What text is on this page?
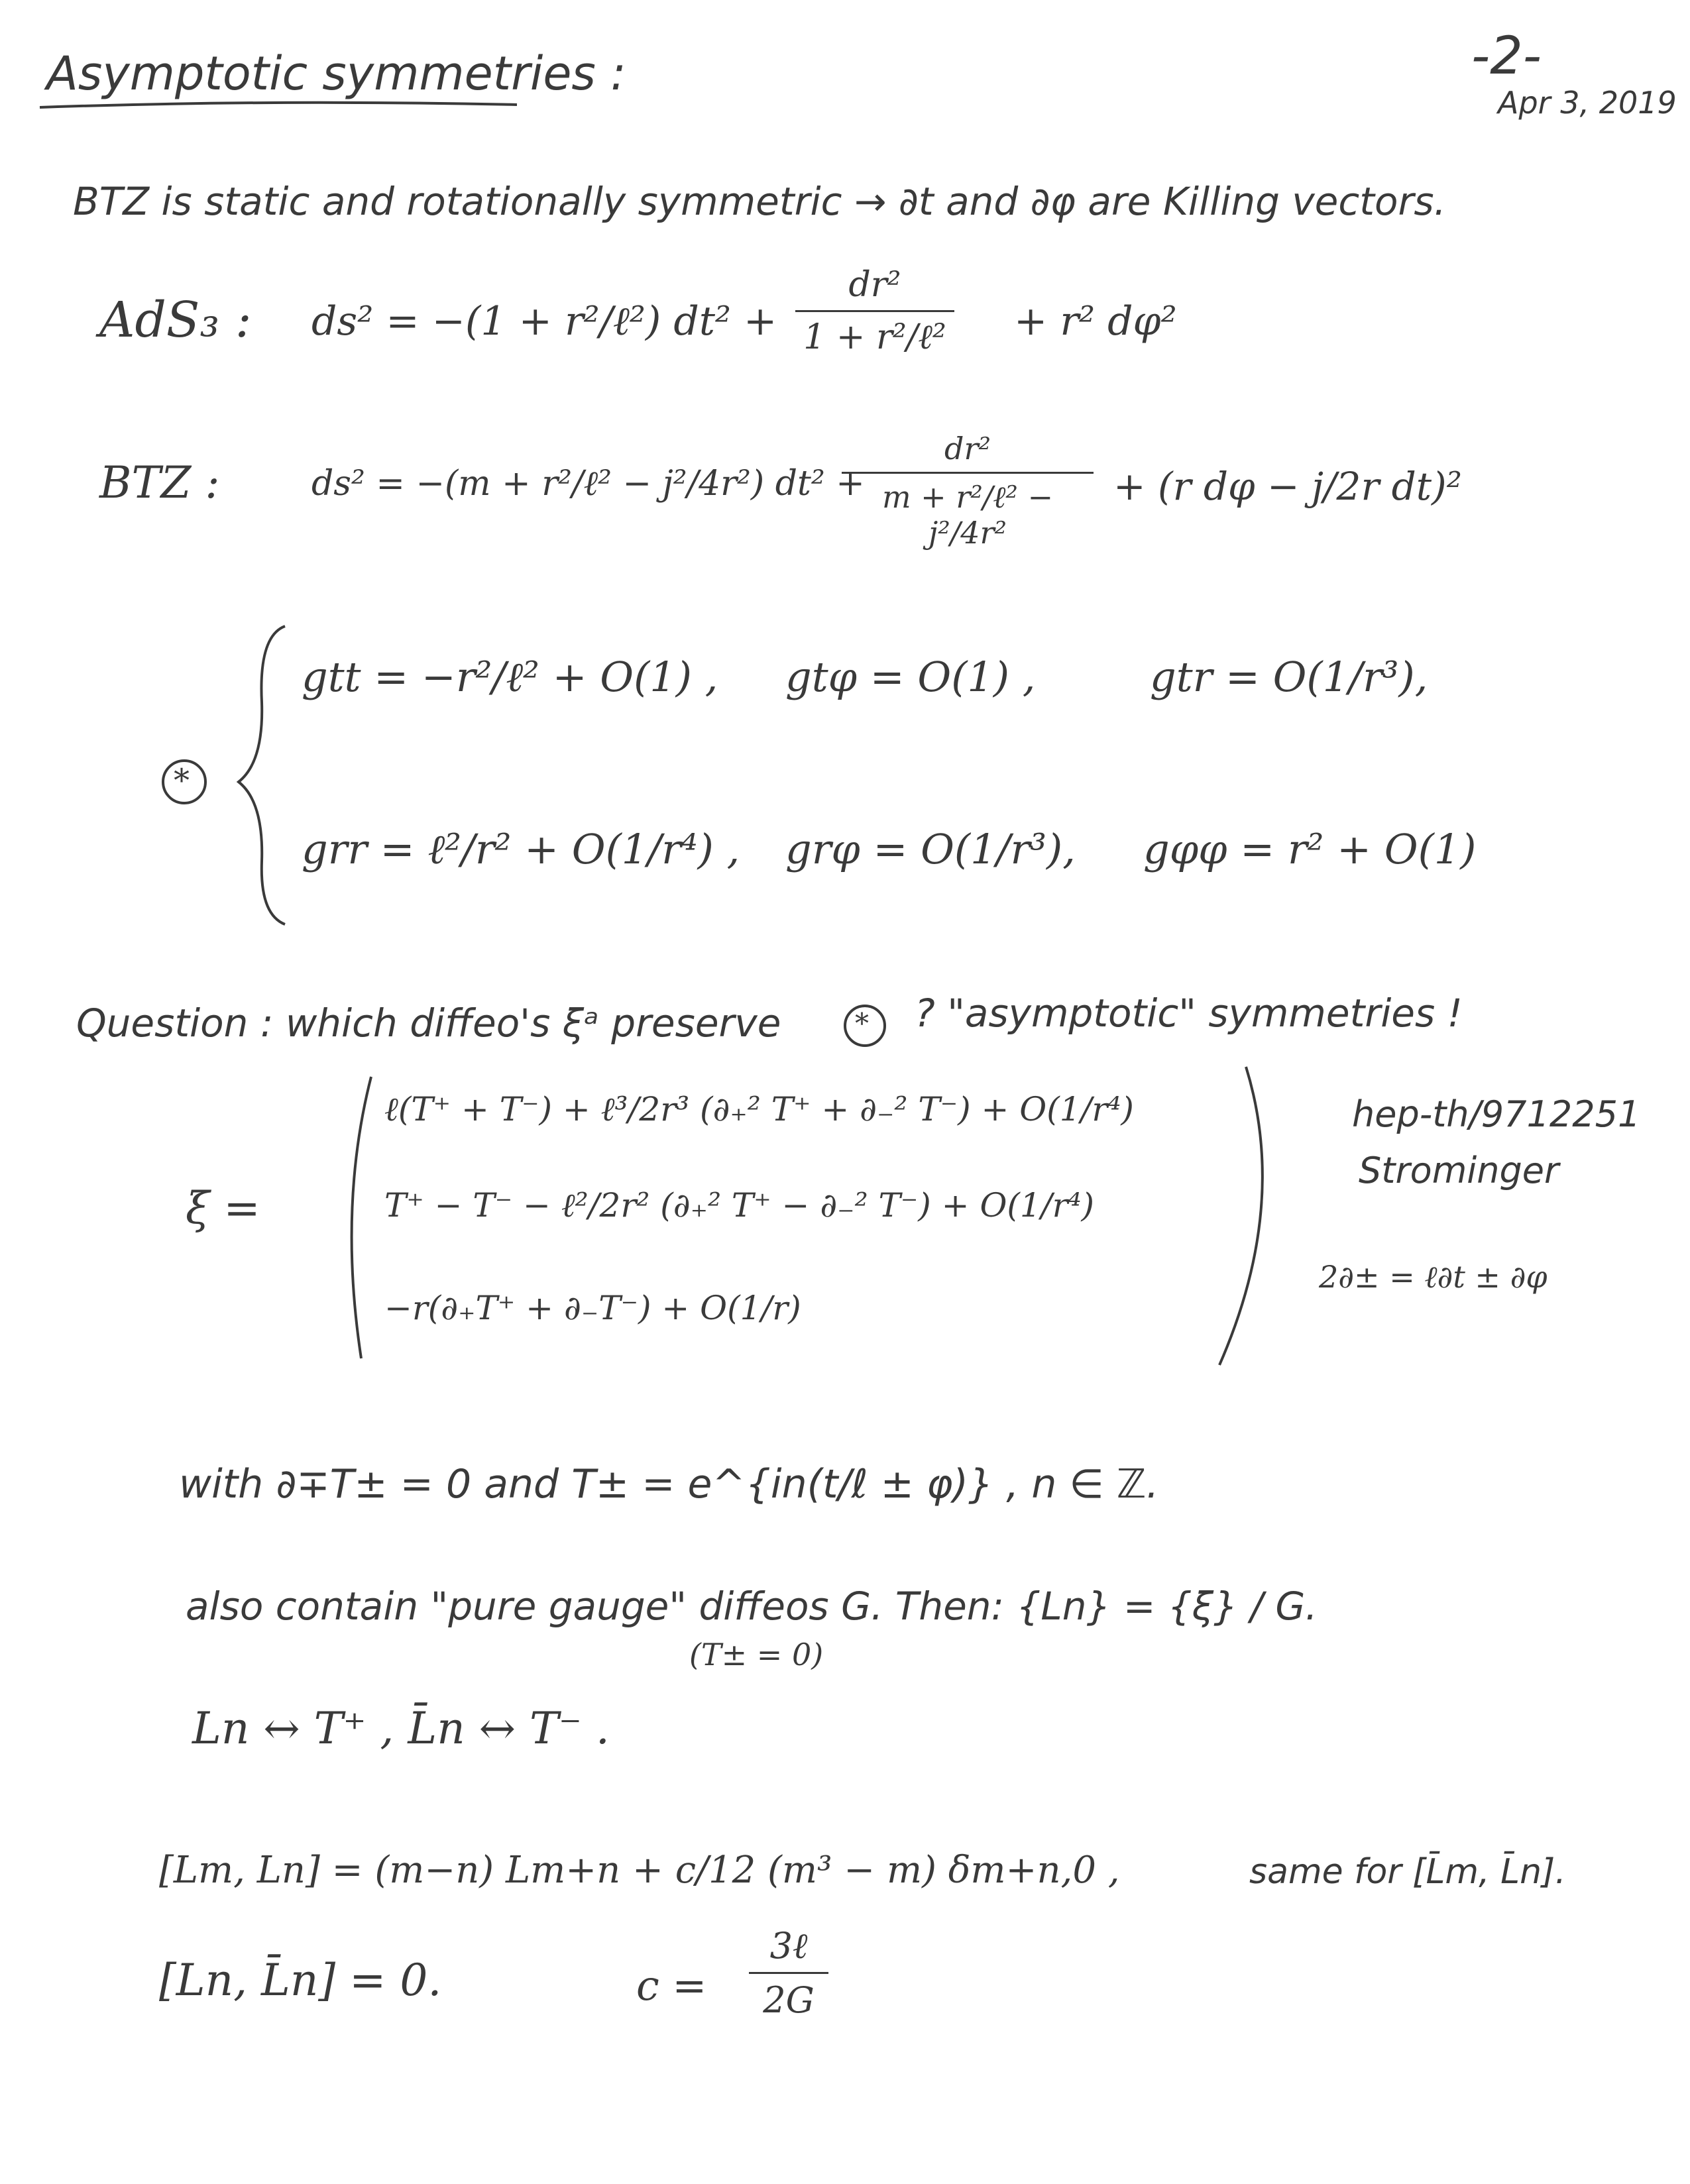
Asymptotic symmetries :	-2-
Apr 3, 2019
BTZ is static and rotationally symmetric → ∂t and ∂φ are Killing vectors.
AdS₃ : ds² = −(1 + r²/ℓ²) dt² +
dr²
1 + r²/ℓ² + r² dφ²
BTZ :	ds² = −(m + r²/ℓ² − j²/4r²) dt² +
dr²
m + r²/ℓ² − j²/4r²
+ (r dφ − j/2r dt)²
*
gtt = −r²/ℓ² + O(1) , gtφ = O(1) ,	gtr = O(1/r³),
grr = ℓ²/r² + O(1/r⁴) , grφ = O(1/r³), gφφ = r² + O(1)
Question : which diffeo's ξᵃ preserve	* ? "asymptotic" symmetries !
ξ =
ℓ(T⁺ + T⁻) + ℓ³/2r³ (∂₊² T⁺ + ∂₋² T⁻) + O(1/r⁴)
T⁺ − T⁻ − ℓ²/2r² (∂₊² T⁺ − ∂₋² T⁻) + O(1/r⁴)
−r(∂₊T⁺ + ∂₋T⁻) + O(1/r)
hep-th/9712251
Strominger
2∂± = ℓ∂t ± ∂φ
with ∂∓T± = 0 and T± = e^{in(t/ℓ ± φ)} , n ∈ ℤ.
also contain "pure gauge" diffeos G. Then: {Ln} = {ξ} / G.
(T± = 0)
Ln ↔ T⁺ , L̄n ↔ T⁻ .
[Lm, Ln] = (m−n) Lm+n + c/12 (m³ − m) δm+n,0 ,	same for [L̄m, L̄n].
[Ln, L̄n] = 0.	c =
3ℓ
2G
